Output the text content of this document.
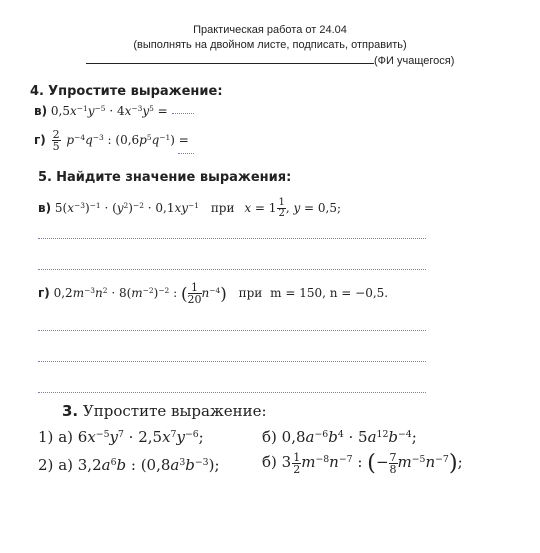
Практическая работа от 24.04
(выполнять на двойном листе, подписать, отправить)
(ФИ учащегося)
4. Упростите выражение:
в) $0,5x^{-1}y^{-5} \cdot 4x^{-3}y^5$ =
$г) \frac{2}{5} p^{-4}q^{-3}$ : $(0,6p^5q^{-1})$ =
5. Найдите значение выражения:
в) $5(x^{-3})^{-1} \cdot (y^2)^{-2} \cdot 0,1xy^{-1}$ при $x = 1 \frac{1}{2}$ , y = 0,5;
г) $0,2m^{-3}n^2 \cdot 8(m^{-2})^{-2}$ : ( $\frac{1}{20} n^{-4}$) при m = 150, n = −0,5.
3. Упростите выражение:
1) а) $6x^{-5}y^7 \cdot 2,5x^7y^{-6}$;	б) $0,8a^{-6}b^4 \cdot 5a^{12}b^{-4}$;
2) а) $3,2a^6b$ : $(0,8a^3b^{-3})$;	б) $3 \frac{1}{2} m^{-8}n^{-7}$ : (− $\frac{7}{8} m^{-5}n^{-7}$);
